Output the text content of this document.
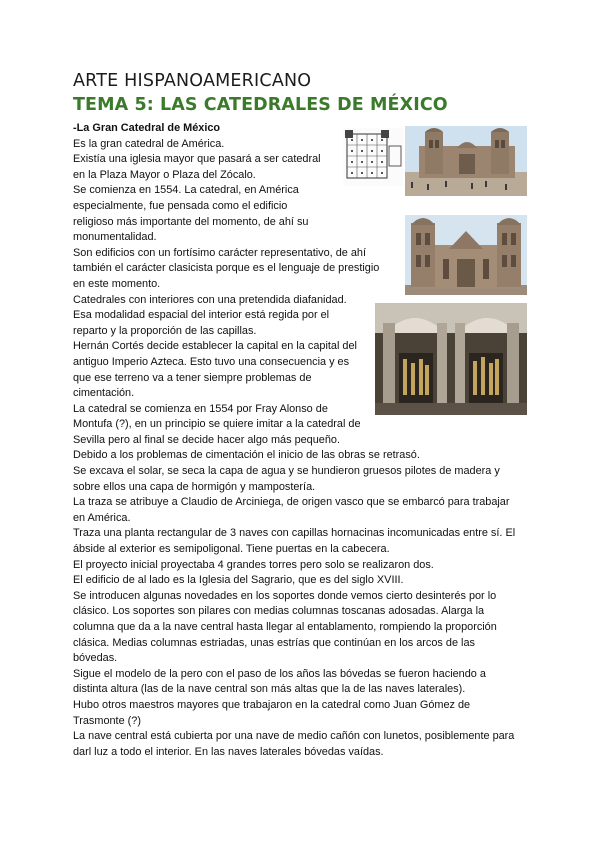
ARTE HISPANOAMERICANO
TEMA 5: LAS CATEDRALES DE MÉXICO
-La Gran Catedral de México
Es la gran catedral de América.
Existía una iglesia mayor que pasará a ser catedral
en la Plaza Mayor o Plaza del Zócalo.
Se comienza en 1554. La catedral, en América
especialmente, fue pensada como el edificio
religioso más importante del momento, de ahí su
monumentalidad.
Son edificios con un fortísimo carácter representativo, de ahí
también el carácter clasicista porque es el lenguaje de prestigio
en este momento.
Catedrales con interiores con una pretendida diafanidad.
Esa modalidad espacial del interior está regida por el
reparto y la proporción de las capillas.
Hernán Cortés decide establecer la capital en la capital del
antiguo Imperio Azteca. Esto tuvo una consecuencia y es
que ese terreno va a tener siempre problemas de
cimentación.
La catedral se comienza en 1554 por Fray Alonso de
Montufa (?), en un principio se quiere imitar a la catedral de
Sevilla pero al final se decide hacer algo más pequeño.
Debido a los problemas de cimentación el inicio de las obras se retrasó.
Se excava el solar, se seca la capa de agua y se hundieron gruesos pilotes de madera y
sobre ellos una capa de hormigón y mampostería.
La traza se atribuye a Claudio de Arciniega, de origen vasco que se embarcó para trabajar
en América.
Traza una planta rectangular de 3 naves con capillas hornacinas incomunicadas entre sí. El
ábside al exterior es semipoligonal. Tiene puertas en la cabecera.
El proyecto inicial proyectaba 4 grandes torres pero solo se realizaron dos.
El edificio de al lado es la Iglesia del Sagrario, que es del siglo XVIII.
Se introducen algunas novedades en los soportes donde vemos cierto desinterés por lo
clásico. Los soportes son pilares con medias columnas toscanas adosadas. Alarga la
columna que da a la nave central hasta llegar al entablamento, rompiendo la proporción
clásica. Medias columnas estriadas, unas estrías que continúan en los arcos de las
bóvedas.
Sigue el modelo de la pero con el paso de los años las bóvedas se fueron haciendo a
distinta altura (las de la nave central son más altas que la de las naves laterales).
Hubo otros maestros mayores que trabajaron en la catedral como Juan Gómez de
Trasmonte (?)
La nave central está cubierta por una nave de medio cañón con lunetos, posiblemente para
darl luz a todo el interior. En las naves laterales bóvedas vaídas.
